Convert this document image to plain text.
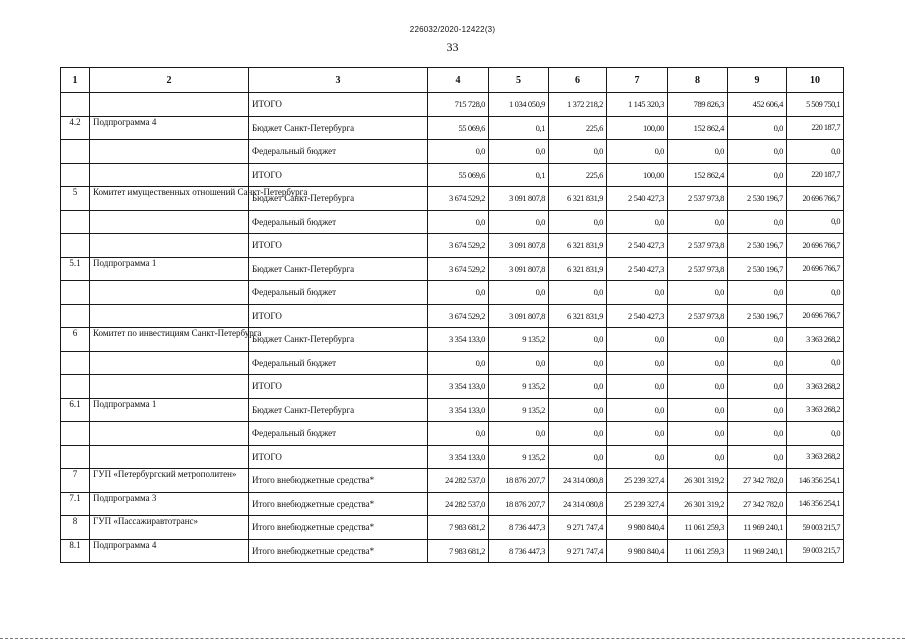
226032/2020-12422(3)
33
1	2	3	4	5	6	7	8	9	10
		ИТОГО	715 728,0	1 034 050,9	1 372 218,2	1 145 320,3	789 826,3	452 606,4	5 509 750,1
4.2	Подпрограмма 4	Бюджет Санкт-Петербурга	55 069,6	0,1	225,6	100,00	152 862,4	0,0	220 187,7
		Федеральный бюджет	0,0	0,0	0,0	0,0	0,0	0,0	0,0
		ИТОГО	55 069,6	0,1	225,6	100,00	152 862,4	0,0	220 187,7
5	Комитет имущественных отношений Санкт-Петербурга	Бюджет Санкт-Петербурга	3 674 529,2	3 091 807,8	6 321 831,9	2 540 427,3	2 537 973,8	2 530 196,7	20 696 766,7
		Федеральный бюджет	0,0	0,0	0,0	0,0	0,0	0,0	0,0
		ИТОГО	3 674 529,2	3 091 807,8	6 321 831,9	2 540 427,3	2 537 973,8	2 530 196,7	20 696 766,7
5.1	Подпрограмма 1	Бюджет Санкт-Петербурга	3 674 529,2	3 091 807,8	6 321 831,9	2 540 427,3	2 537 973,8	2 530 196,7	20 696 766,7
		Федеральный бюджет	0,0	0,0	0,0	0,0	0,0	0,0	0,0
		ИТОГО	3 674 529,2	3 091 807,8	6 321 831,9	2 540 427,3	2 537 973,8	2 530 196,7	20 696 766,7
6	Комитет по инвестициям Санкт-Петербурга	Бюджет Санкт-Петербурга	3 354 133,0	9 135,2	0,0	0,0	0,0	0,0	3 363 268,2
		Федеральный бюджет	0,0	0,0	0,0	0,0	0,0	0,0	0,0
		ИТОГО	3 354 133,0	9 135,2	0,0	0,0	0,0	0,0	3 363 268,2
6.1	Подпрограмма 1	Бюджет Санкт-Петербурга	3 354 133,0	9 135,2	0,0	0,0	0,0	0,0	3 363 268,2
		Федеральный бюджет	0,0	0,0	0,0	0,0	0,0	0,0	0,0
		ИТОГО	3 354 133,0	9 135,2	0,0	0,0	0,0	0,0	3 363 268,2
7	ГУП «Петербургский метрополитен»	Итого внебюджетные средства*	24 282 537,0	18 876 207,7	24 314 080,8	25 239 327,4	26 301 319,2	27 342 782,0	146 356 254,1
7.1	Подпрограмма 3	Итого внебюджетные средства*	24 282 537,0	18 876 207,7	24 314 080,8	25 239 327,4	26 301 319,2	27 342 782,0	146 356 254,1
8	ГУП «Пассажиравтотранс»	Итого внебюджетные средства*	7 983 681,2	8 736 447,3	9 271 747,4	9 980 840,4	11 061 259,3	11 969 240,1	59 003 215,7
8.1	Подпрограмма 4	Итого внебюджетные средства*	7 983 681,2	8 736 447,3	9 271 747,4	9 980 840,4	11 061 259,3	11 969 240,1	59 003 215,7
